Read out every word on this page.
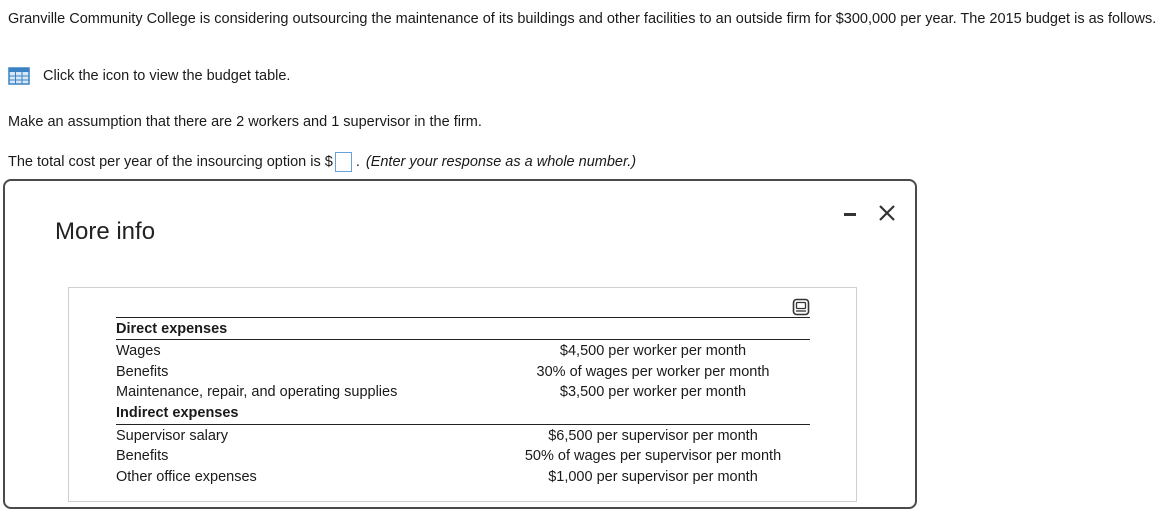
Granville Community College is considering outsourcing the maintenance of its buildings and other facilities to an outside firm for $300,000 per year. The 2015 budget is as follows.
Click the icon to view the budget table.
Make an assumption that there are 2 workers and 1 supervisor in the firm.
The total cost per year of the insourcing option is $ . (Enter your response as a whole number.)
More info
Direct expenses
Wages	$4,500 per worker per month
Benefits	30% of wages per worker per month
Maintenance, repair, and operating supplies	$3,500 per worker per month
Indirect expenses
Supervisor salary	$6,500 per supervisor per month
Benefits	50% of wages per supervisor per month
Other office expenses	$1,000 per supervisor per month
